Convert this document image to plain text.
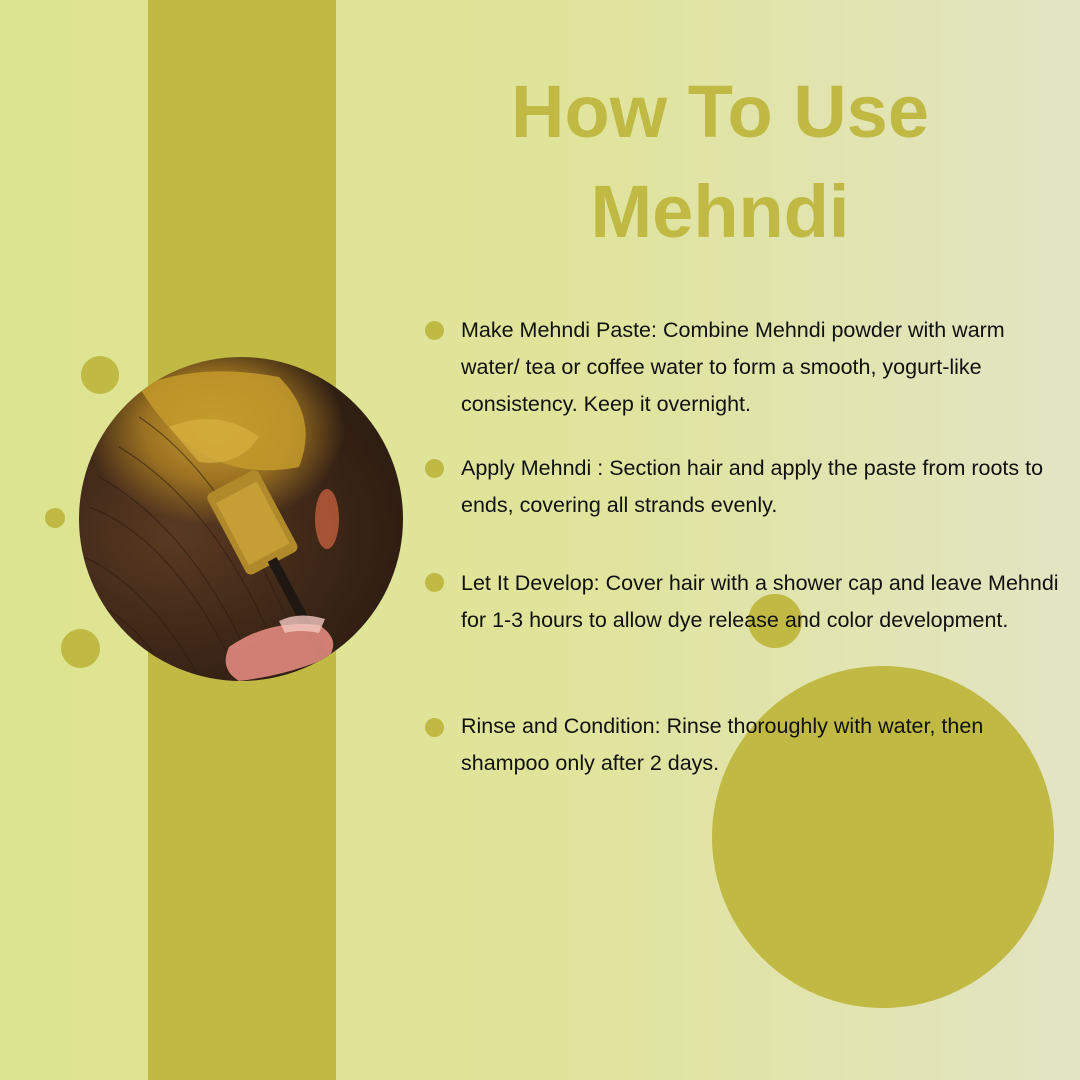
How To Use
Mehndi
Make Mehndi Paste: Combine Mehndi powder with warm water/ tea or coffee water to form a smooth, yogurt-like consistency. Keep it overnight.
Apply Mehndi : Section hair and apply the paste from roots to ends, covering all strands evenly.
Let It Develop: Cover hair with a shower cap and leave Mehndi for 1-3 hours to allow dye release and color development.
Rinse and Condition: Rinse thoroughly with water, then shampoo only after 2 days.
